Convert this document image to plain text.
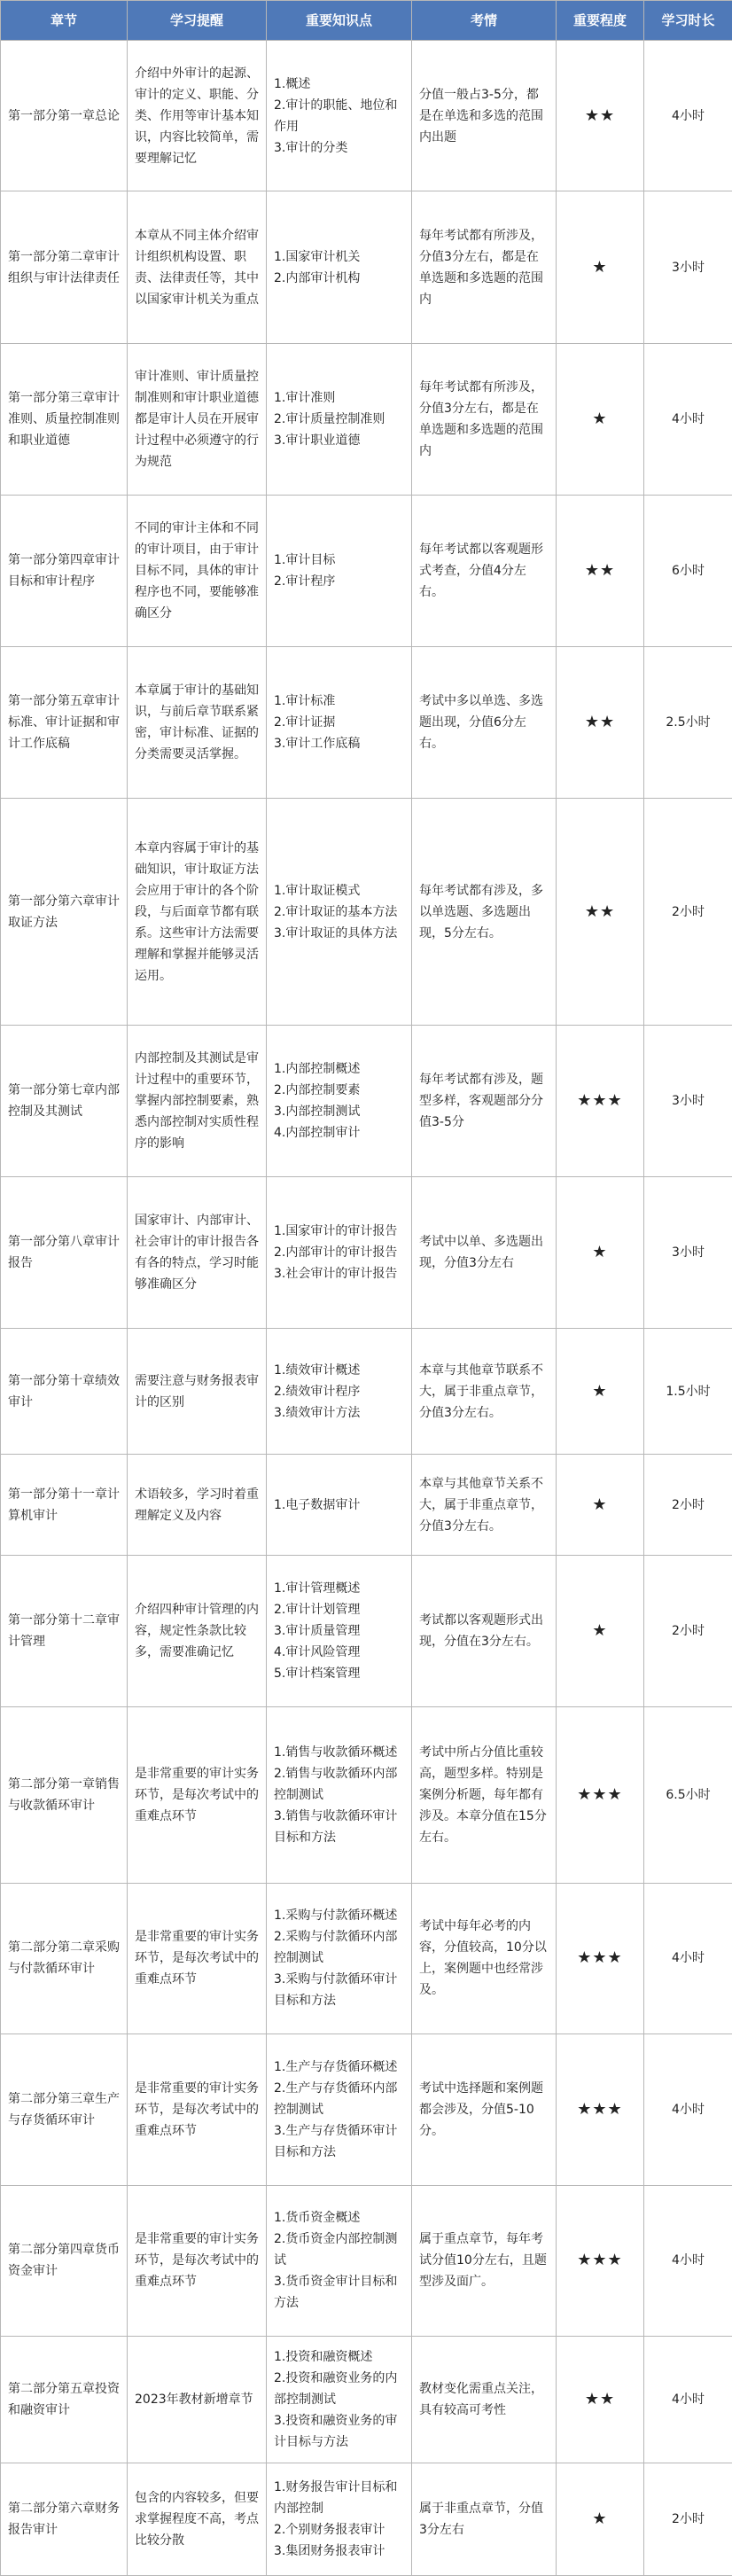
章节	学习提醒	重要知识点	考情	重要程度	学习时长
第一部分第一章总论	介绍中外审计的起源、审计的定义、职能、分类、作用等审计基本知识，内容比较简单，需要理解记忆	1.概述
2.审计的职能、地位和作用
3.审计的分类	分值一般占3-5分，都是在单选和多选的范围内出题	★★	4小时
第一部分第二章审计组织与审计法律责任	本章从不同主体介绍审计组织机构设置、职责、法律责任等，其中以国家审计机关为重点	1.国家审计机关
2.内部审计机构	每年考试都有所涉及，分值3分左右，都是在单选题和多选题的范围内	★	3小时
第一部分第三章审计准则、质量控制准则和职业道德	审计准则、审计质量控制准则和审计职业道德都是审计人员在开展审计过程中必须遵守的行为规范	1.审计准则
2.审计质量控制准则
3.审计职业道德	每年考试都有所涉及，分值3分左右，都是在单选题和多选题的范围内	★	4小时
第一部分第四章审计目标和审计程序	不同的审计主体和不同的审计项目，由于审计目标不同，具体的审计程序也不同，要能够准确区分	1.审计目标
2.审计程序	每年考试都以客观题形式考查，分值4分左右。	★★	6小时
第一部分第五章审计标准、审计证据和审计工作底稿	本章属于审计的基础知识，与前后章节联系紧密，审计标准、证据的分类需要灵活掌握。	1.审计标准
2.审计证据
3.审计工作底稿	考试中多以单选、多选题出现，分值6分左右。	★★	2.5小时
第一部分第六章审计取证方法	本章内容属于审计的基础知识，审计取证方法会应用于审计的各个阶段，与后面章节都有联系。这些审计方法需要理解和掌握并能够灵活运用。	1.审计取证模式
2.审计取证的基本方法
3.审计取证的具体方法	每年考试都有涉及，多以单选题、多选题出现，5分左右。	★★	2小时
第一部分第七章内部控制及其测试	内部控制及其测试是审计过程中的重要环节，掌握内部控制要素，熟悉内部控制对实质性程序的影响	1.内部控制概述
2.内部控制要素
3.内部控制测试
4.内部控制审计	每年考试都有涉及，题型多样，客观题部分分值3-5分	★★★	3小时
第一部分第八章审计报告	国家审计、内部审计、社会审计的审计报告各有各的特点，学习时能够准确区分	1.国家审计的审计报告
2.内部审计的审计报告
3.社会审计的审计报告	考试中以单、多选题出现，分值3分左右	★	3小时
第一部分第十章绩效审计	需要注意与财务报表审计的区别	1.绩效审计概述
2.绩效审计程序
3.绩效审计方法	本章与其他章节联系不大，属于非重点章节，分值3分左右。	★	1.5小时
第一部分第十一章计算机审计	术语较多，学习时着重理解定义及内容	1.电子数据审计	本章与其他章节关系不大，属于非重点章节，分值3分左右。	★	2小时
第一部分第十二章审计管理	介绍四种审计管理的内容，规定性条款比较多，需要准确记忆	1.审计管理概述
2.审计计划管理
3.审计质量管理
4.审计风险管理
5.审计档案管理	考试都以客观题形式出现，分值在3分左右。	★	2小时
第二部分第一章销售与收款循环审计	是非常重要的审计实务环节，是每次考试中的重难点环节	1.销售与收款循环概述
2.销售与收款循环内部控制测试
3.销售与收款循环审计目标和方法	考试中所占分值比重较高，题型多样。特别是案例分析题，每年都有涉及。本章分值在15分左右。	★★★	6.5小时
第二部分第二章采购与付款循环审计	是非常重要的审计实务环节，是每次考试中的重难点环节	1.采购与付款循环概述
2.采购与付款循环内部控制测试
3.采购与付款循环审计目标和方法	考试中每年必考的内容，分值较高，10分以上，案例题中也经常涉及。	★★★	4小时
第二部分第三章生产与存货循环审计	是非常重要的审计实务环节，是每次考试中的重难点环节	1.生产与存货循环概述
2.生产与存货循环内部控制测试
3.生产与存货循环审计目标和方法	考试中选择题和案例题都会涉及，分值5-10分。	★★★	4小时
第二部分第四章货币资金审计	是非常重要的审计实务环节，是每次考试中的重难点环节	1.货币资金概述
2.货币资金内部控制测试
3.货币资金审计目标和方法	属于重点章节，每年考试分值10分左右，且题型涉及面广。	★★★	4小时
第二部分第五章投资和融资审计	2023年教材新增章节	1.投资和融资概述
2.投资和融资业务的内部控制测试
3.投资和融资业务的审计目标与方法	教材变化需重点关注，具有较高可考性	★★	4小时
第二部分第六章财务报告审计	包含的内容较多，但要求掌握程度不高，考点比较分散	1.财务报告审计目标和内部控制
2.个别财务报表审计
3.集团财务报表审计	属于非重点章节，分值3分左右	★	2小时
